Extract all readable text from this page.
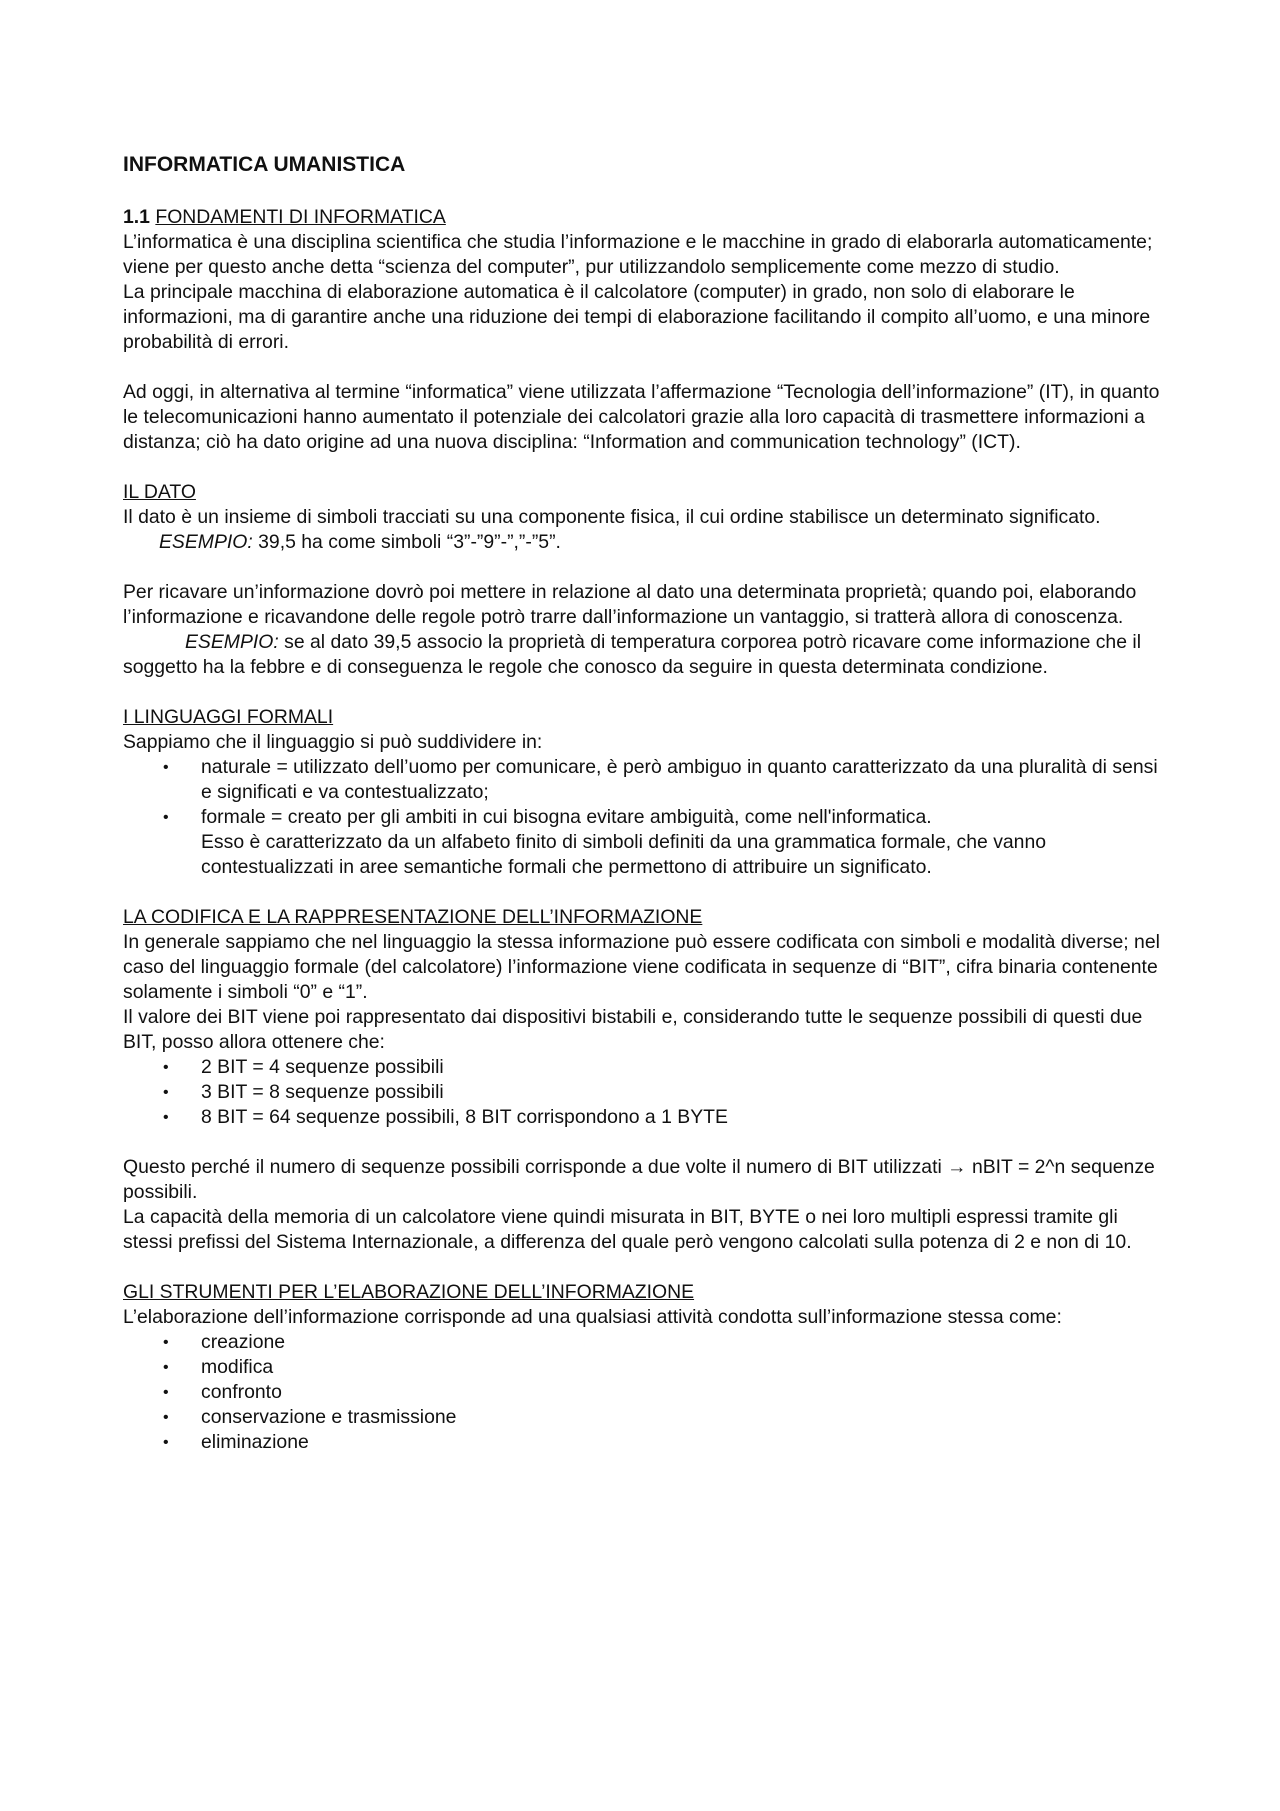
INFORMATICA UMANISTICA
1.1 FONDAMENTI DI INFORMATICA

L’informatica è una disciplina scientifica che studia l’informazione e le macchine in grado di elaborarla automaticamente; viene per questo anche detta “scienza del computer”, pur utilizzandolo semplicemente come mezzo di studio.

La principale macchina di elaborazione automatica è il calcolatore (computer) in grado, non solo di elaborare le informazioni, ma di garantire anche una riduzione dei tempi di elaborazione facilitando il compito all’uomo, e una minore probabilità di errori.

Ad oggi, in alternativa al termine “informatica” viene utilizzata l’affermazione “Tecnologia dell’informazione” (IT), in quanto le telecomunicazioni hanno aumentato il potenziale dei calcolatori grazie alla loro capacità di trasmettere informazioni a distanza; ciò ha dato origine ad una nuova disciplina: “Information and communication technology” (ICT).

IL DATO

Il dato è un insieme di simboli tracciati su una componente fisica, il cui ordine stabilisce un determinato significato.

ESEMPIO: 39,5 ha come simboli “3”-”9”-”,”-”5”.

Per ricavare un’informazione dovrò poi mettere in relazione al dato una determinata proprietà; quando poi, elaborando l’informazione e ricavandone delle regole potrò trarre dall’informazione un vantaggio, si tratterà allora di conoscenza.

ESEMPIO: se al dato 39,5 associo la proprietà di temperatura corporea potrò ricavare come informazione che il soggetto ha la febbre e di conseguenza le regole che conosco da seguire in questa determinata condizione.

I LINGUAGGI FORMALI

Sappiamo che il linguaggio si può suddividere in:

• naturale = utilizzato dell’uomo per comunicare, è però ambiguo in quanto caratterizzato da una pluralità di sensi e significati e va contestualizzato;
• formale = creato per gli ambiti in cui bisogna evitare ambiguità, come nell'informatica.
Esso è caratterizzato da un alfabeto finito di simboli definiti da una grammatica formale, che vanno contestualizzati in aree semantiche formali che permettono di attribuire un significato.
LA CODIFICA E LA RAPPRESENTAZIONE DELL’INFORMAZIONE

In generale sappiamo che nel linguaggio la stessa informazione può essere codificata con simboli e modalità diverse; nel caso del linguaggio formale (del calcolatore) l’informazione viene codificata in sequenze di “BIT”, cifra binaria contenente solamente i simboli “0” e “1”.

Il valore dei BIT viene poi rappresentato dai dispositivi bistabili e, considerando tutte le sequenze possibili di questi due BIT, posso allora ottenere che:

• 2 BIT = 4 sequenze possibili
• 3 BIT = 8 sequenze possibili
• 8 BIT = 64 sequenze possibili, 8 BIT corrispondono a 1 BYTE

Questo perché il numero di sequenze possibili corrisponde a due volte il numero di BIT utilizzati → nBIT = 2^n sequenze possibili.

La capacità della memoria di un calcolatore viene quindi misurata in BIT, BYTE o nei loro multipli espressi tramite gli stessi prefissi del Sistema Internazionale, a differenza del quale però vengono calcolati sulla potenza di 2 e non di 10.

GLI STRUMENTI PER L’ELABORAZIONE DELL’INFORMAZIONE

L’elaborazione dell’informazione corrisponde ad una qualsiasi attività condotta sull’informazione stessa come:

• creazione
• modifica
• confronto
• conservazione e trasmissione
• eliminazione
